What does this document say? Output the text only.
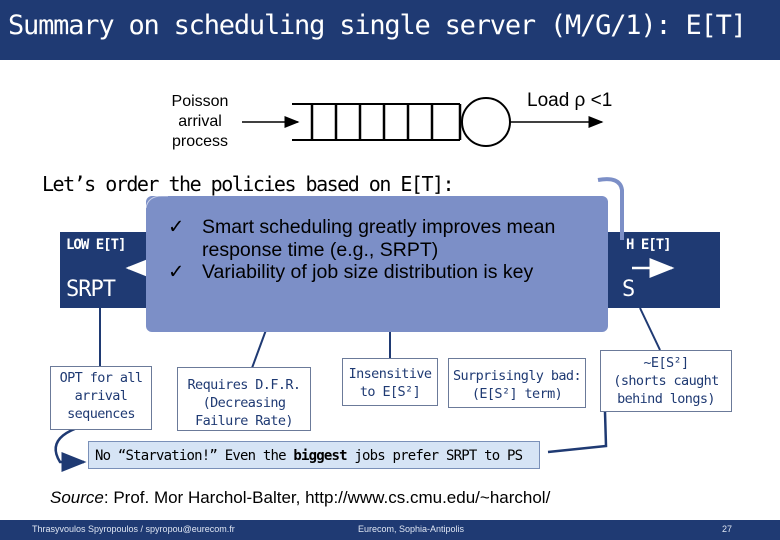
Summary on scheduling single server (M/G/1): E[T]
Poisson
arrival
process
Load ρ <1
Let’s order the policies based on E[T]:
LOW E[T]	H E[T]
SRPT	S
✓ Smart scheduling greatly improves mean response time (e.g., SRPT)
✓ Variability of job size distribution is key
OPT for all
arrival
sequences
Requires D.F.R.
(Decreasing
Failure Rate)
Insensitive
to E[S²]
Surprisingly bad:
(E[S²] term)
~E[S²]
(shorts caught
behind longs)
No “Starvation!” Even the biggest jobs prefer SRPT to PS
Source: Prof. Mor Harchol-Balter, http://www.cs.cmu.edu/~harchol/
Thrasyvoulos Spyropoulos / spyropou@eurecom.fr	Eurecom, Sophia-Antipolis	27
